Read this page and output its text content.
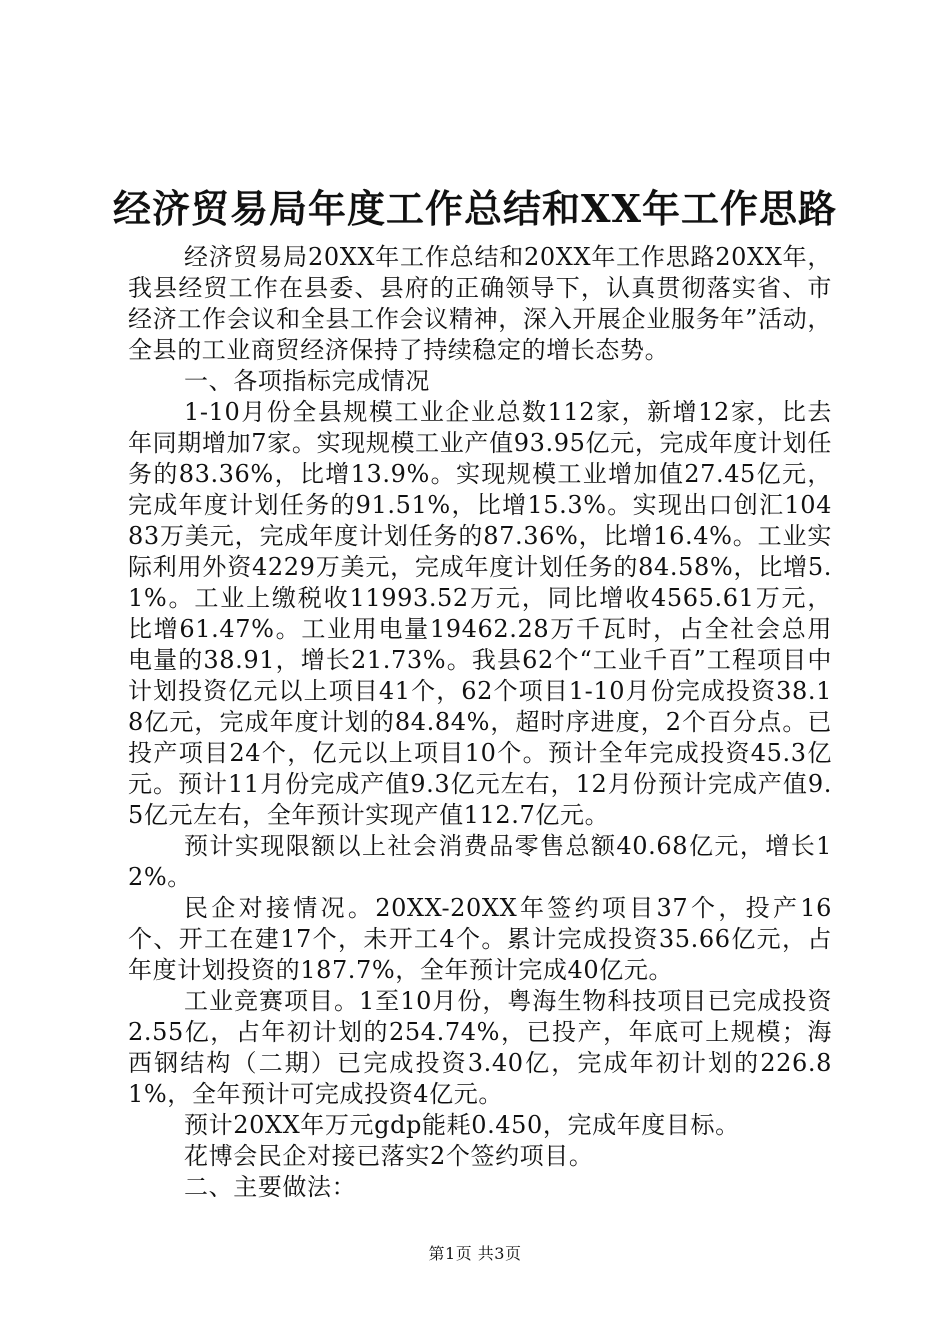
经济贸易局年度工作总结和XX年工作思路

经济贸易局20XX年工作总结和20XX年工作思路20XX年，我县经贸工作在县委、县府的正确领导下，认真贯彻落实省、市经济工作会议和全县工作会议精神，深入开展企业服务年”活动，全县的工业商贸经济保持了持续稳定的增长态势。

一、各项指标完成情况

1-10月份全县规模工业企业总数112家，新增12家，比去年同期增加7家。实现规模工业产值93.95亿元，完成年度计划任务的83.36%，比增13.9%。实现规模工业增加值27.45亿元，完成年度计划任务的91.51%，比增15.3%。实现出口创汇10483万美元，完成年度计划任务的87.36%，比增16.4%。工业实际利用外资4229万美元，完成年度计划任务的84.58%，比增5.1%。工业上缴税收11993.52万元，同比增收4565.61万元，比增61.47%。工业用电量19462.28万千瓦时，占全社会总用电量的38.91，增长21.73%。我县62个“工业千百”工程项目中计划投资亿元以上项目41个，62个项目1-10月份完成投资38.18亿元，完成年度计划的84.84%，超时序进度，2个百分点。已投产项目24个，亿元以上项目10个。预计全年完成投资45.3亿元。预计11月份完成产值9.3亿元左右，12月份预计完成产值9.5亿元左右，全年预计实现产值112.7亿元。

预计实现限额以上社会消费品零售总额40.68亿元，增长12%。

民企对接情况。20XX-20XX年签约项目37个，投产16个、开工在建17个，未开工4个。累计完成投资35.66亿元，占年度计划投资的187.7%，全年预计完成40亿元。

工业竞赛项目。1至10月份，粤海生物科技项目已完成投资2.55亿，占年初计划的254.74%，已投产，年底可上规模；海西钢结构（二期）已完成投资3.40亿，完成年初计划的226.81%，全年预计可完成投资4亿元。

预计20XX年万元gdp能耗0.450，完成年度目标。

花博会民企对接已落实2个签约项目。

二、主要做法：

第1页 共3页
